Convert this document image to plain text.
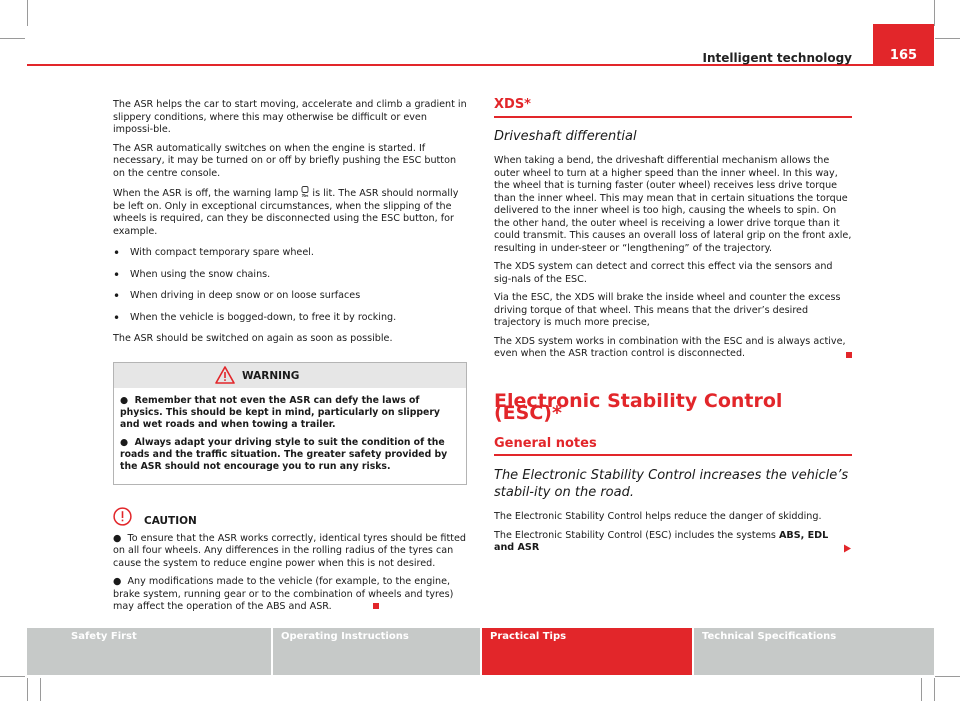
Intelligent technology	165

The ASR helps the car to start moving, accelerate and climb a gradient in slippery conditions, where this may otherwise be difficult or even impossi-ble.

The ASR automatically switches on when the engine is started. If necessary, it may be turned on or off by briefly pushing the ESC button on the centre console.

When the ASR is off, the warning lamp is lit. The ASR should normally be left on. Only in exceptional circumstances, when the slipping of the wheels is required, can they be disconnected using the ESC button, for example.

• With compact temporary spare wheel.
• When using the snow chains.
• When driving in deep snow or on loose surfaces
• When the vehicle is bogged-down, to free it by rocking.

The ASR should be switched on again as soon as possible.

WARNING

●  Remember that not even the ASR can defy the laws of physics. This should be kept in mind, particularly on slippery and wet roads and when towing a trailer.

●  Always adapt your driving style to suit the condition of the roads and the traffic situation. The greater safety provided by the ASR should not encourage you to run any risks.

CAUTION

●  To ensure that the ASR works correctly, identical tyres should be fitted on all four wheels. Any differences in the rolling radius of the tyres can cause the system to reduce engine power when this is not desired.

●  Any modifications made to the vehicle (for example, to the engine, brake system, running gear or to the combination of wheels and tyres) may affect the operation of the ABS and ASR.

XDS*
Driveshaft differential

When taking a bend, the driveshaft differential mechanism allows the outer wheel to turn at a higher speed than the inner wheel. In this way, the wheel that is turning faster (outer wheel) receives less drive torque than the inner wheel. This may mean that in certain situations the torque delivered to the inner wheel is too high, causing the wheels to spin. On the other hand, the outer wheel is receiving a lower drive torque than it could transmit. This causes an overall loss of lateral grip on the front axle, resulting in under-steer or “lengthening” of the trajectory.

The XDS system can detect and correct this effect via the sensors and sig-nals of the ESC.

Via the ESC, the XDS will brake the inside wheel and counter the excess driving torque of that wheel. This means that the driver’s desired trajectory is much more precise,

The XDS system works in combination with the ESC and is always active, even when the ASR traction control is disconnected.

Electronic Stability Control (ESC)*
General notes
The Electronic Stability Control increases the vehicle’s stabil-ity on the road.

The Electronic Stability Control helps reduce the danger of skidding.

The Electronic Stability Control (ESC) includes the systems ABS, EDL and ASR

Safety First	Operating Instructions	Practical Tips	Technical Specifications
